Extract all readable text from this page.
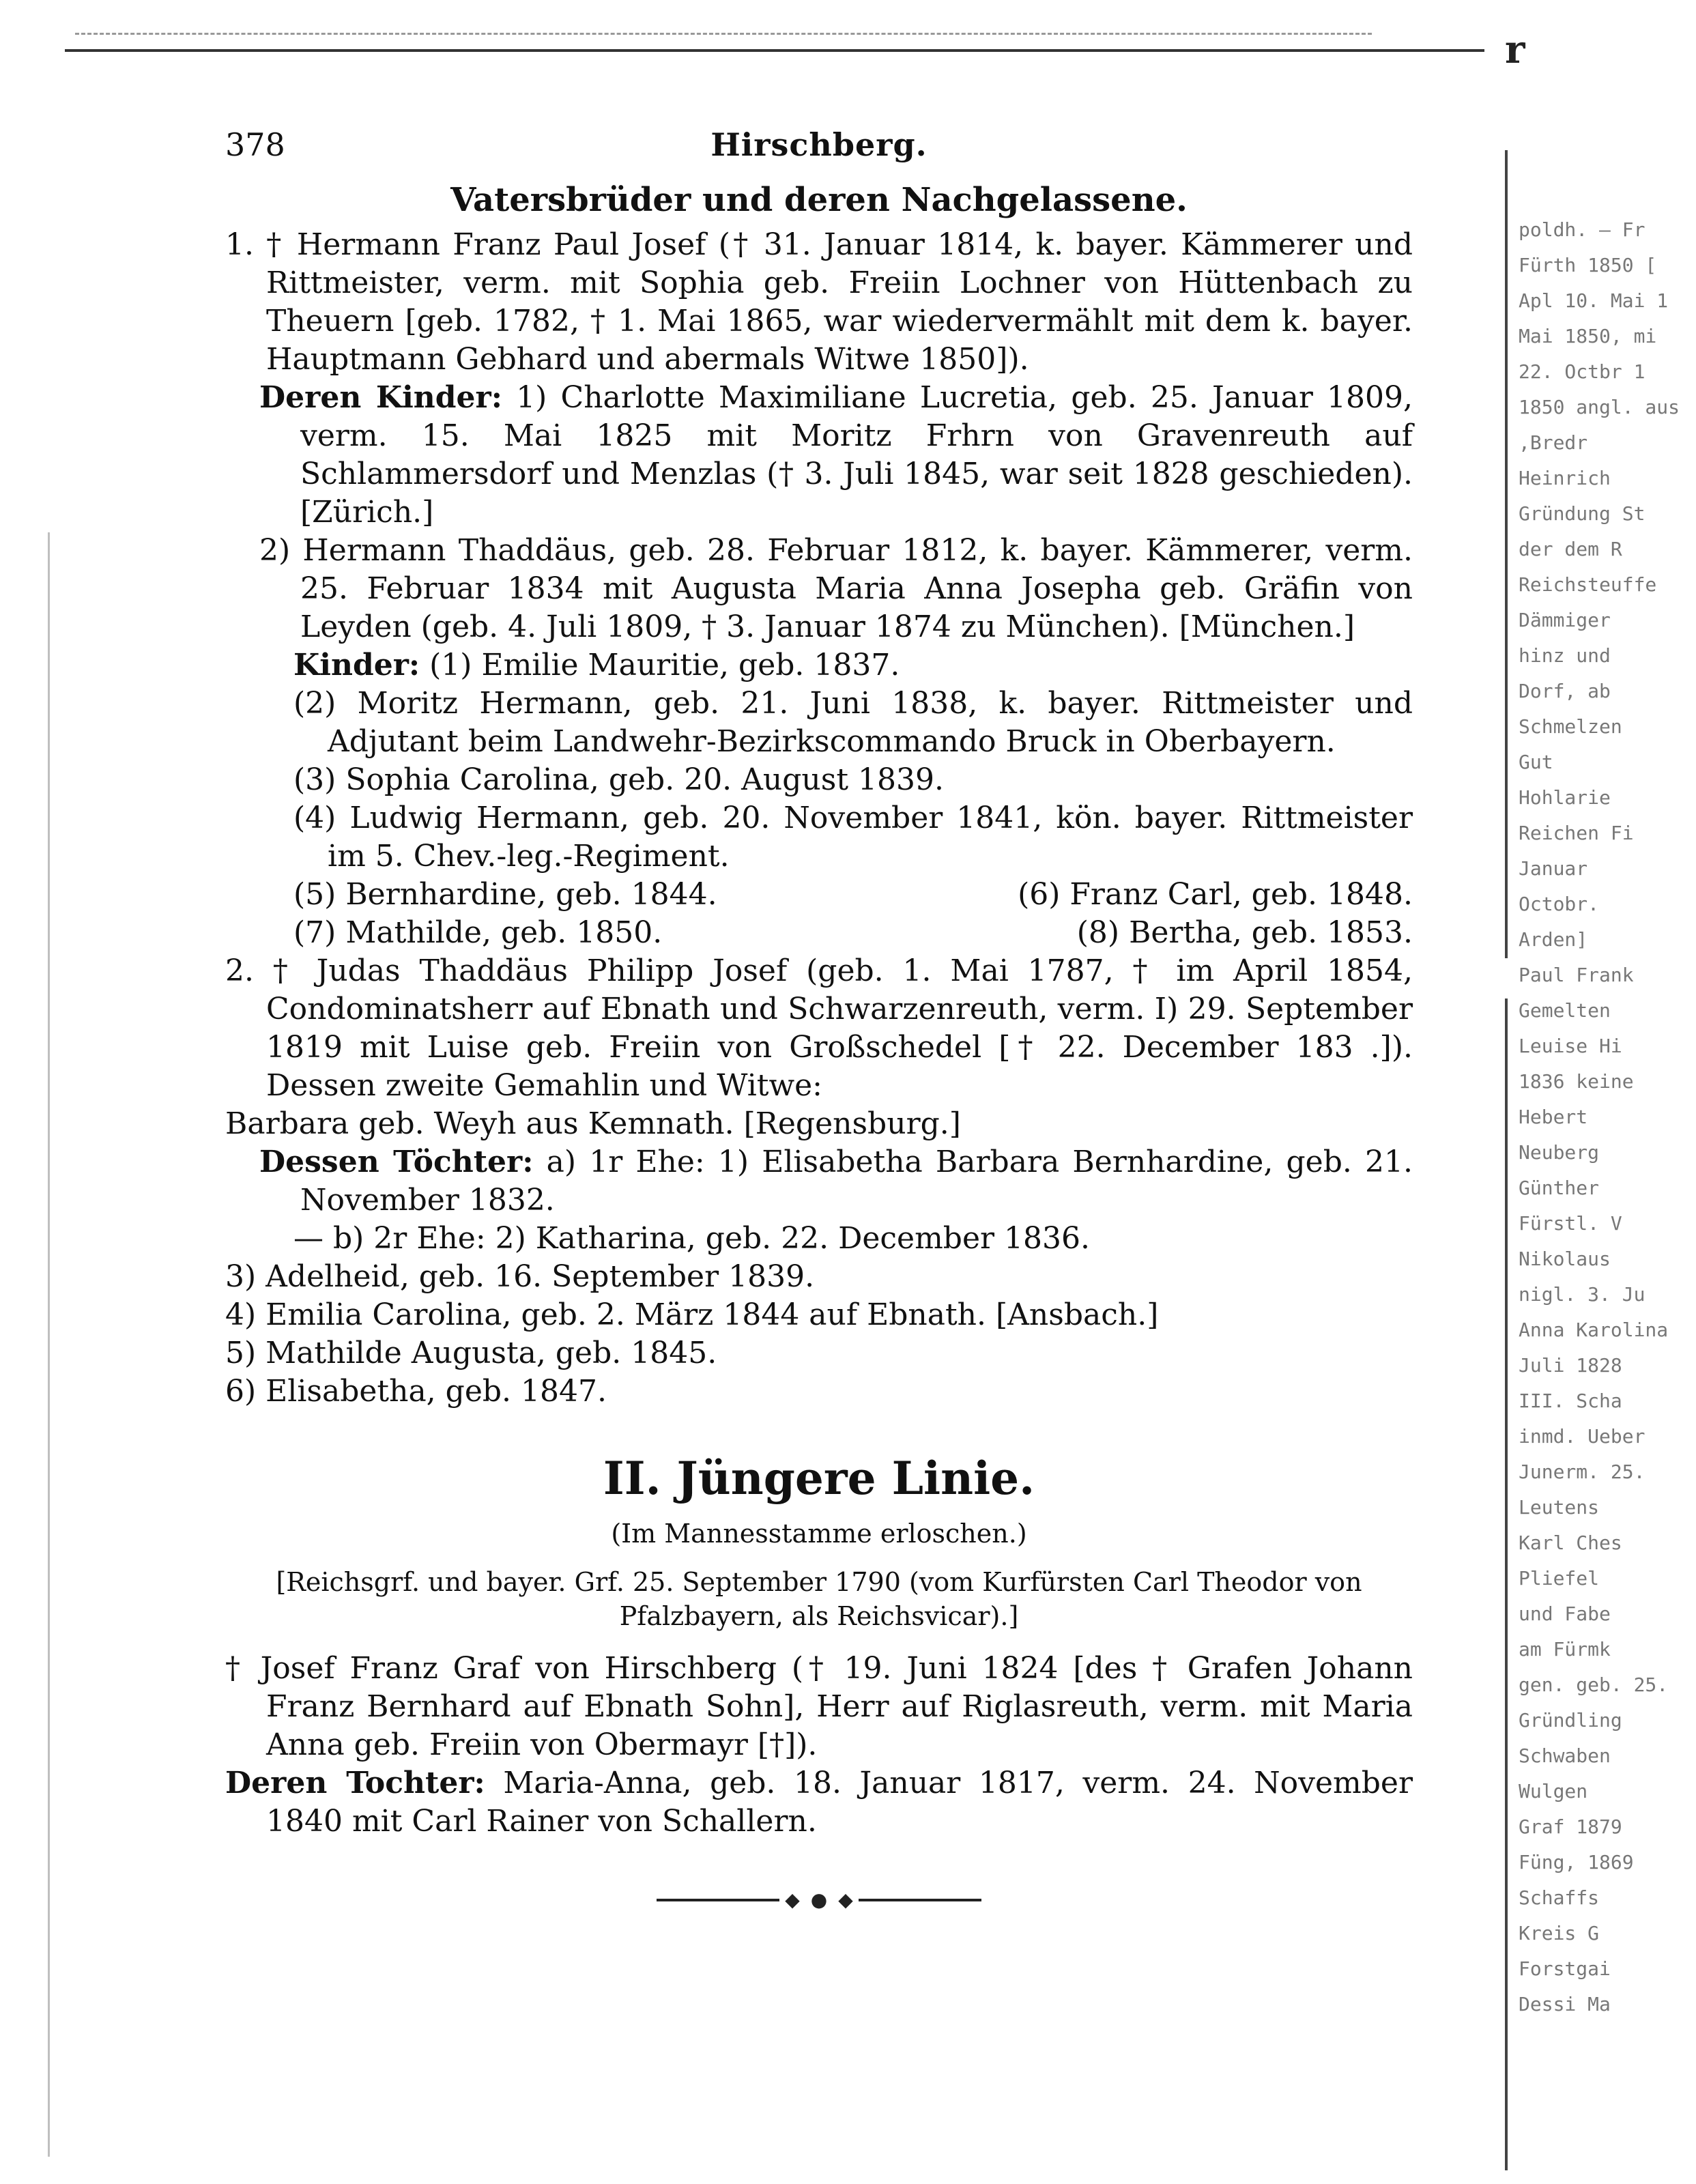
r
poldh. – Fr
Fürth 1850 [
Apl 10. Mai 1
Mai 1850, mi
22. Octbr 1
1850 angl. aus
,Bredr
Heinrich
Gründung St
der dem R
Reichsteuffe
Dämmiger
hinz und
Dorf, ab
Schmelzen
Gut
Hohlarie
Reichen Fi
Januar
Octobr.
Arden]
Paul Frank
Gemelten
Leuise Hi
1836 keine
Hebert
Neuberg
Günther
Fürstl. V
Nikolaus
nigl. 3. Ju
Anna Karolina
Juli 1828
III. Scha
inmd. Ueber
Junerm. 25.
Leutens
Karl Ches
Pliefel
und Fabe
am Fürmk
gen. geb. 25.
Gründling
Schwaben
Wulgen
Graf 1879
Füng, 1869
Schaffs
Kreis G
Forstgai
Dessi Ma
378	Hirschberg.
Vatersbrüder und deren Nachgelassene.
1. † Hermann Franz Paul Josef († 31. Januar 1814, k. bayer. Kämmerer und Rittmeister, verm. mit Sophia geb. Freiin Lochner von Hüttenbach zu Theuern [geb. 1782, † 1. Mai 1865, war wiedervermählt mit dem k. bayer. Hauptmann Gebhard und abermals Witwe 1850]).
Deren Kinder: 1) Charlotte Maximiliane Lucretia, geb. 25. Januar 1809, verm. 15. Mai 1825 mit Moritz Frhrn von Gravenreuth auf Schlammersdorf und Menzlas († 3. Juli 1845, war seit 1828 geschieden). [Zürich.]
2) Hermann Thaddäus, geb. 28. Februar 1812, k. bayer. Kämmerer, verm. 25. Februar 1834 mit Augusta Maria Anna Josepha geb. Gräfin von Leyden (geb. 4. Juli 1809, † 3. Januar 1874 zu München). [München.]
Kinder: (1) Emilie Mauritie, geb. 1837.
(2) Moritz Hermann, geb. 21. Juni 1838, k. bayer. Rittmeister und Adjutant beim Landwehr-Bezirkscommando Bruck in Oberbayern.
(3) Sophia Carolina, geb. 20. August 1839.
(4) Ludwig Hermann, geb. 20. November 1841, kön. bayer. Rittmeister im 5. Chev.-leg.-Regiment.
(5) Bernhardine, geb. 1844.	(6) Franz Carl, geb. 1848.
(7) Mathilde, geb. 1850.	(8) Bertha, geb. 1853.
2. † Judas Thaddäus Philipp Josef (geb. 1. Mai 1787, † im April 1854, Condominatsherr auf Ebnath und Schwarzenreuth, verm. I) 29. September 1819 mit Luise geb. Freiin von Großschedel [† 22. December 183 .]). Dessen zweite Gemahlin und Witwe:
Barbara geb. Weyh aus Kemnath. [Regensburg.]
Dessen Töchter: a) 1r Ehe: 1) Elisabetha Barbara Bernhardine, geb. 21. November 1832.
— b) 2r Ehe: 2) Katharina, geb. 22. December 1836.
3) Adelheid, geb. 16. September 1839.
4) Emilia Carolina, geb. 2. März 1844 auf Ebnath. [Ansbach.]
5) Mathilde Augusta, geb. 1845.
6) Elisabetha, geb. 1847.
II. Jüngere Linie.
(Im Mannesstamme erloschen.)
[Reichsgrf. und bayer. Grf. 25. September 1790 (vom Kurfürsten Carl Theodor von Pfalzbayern, als Reichsvicar).]
† Josef Franz Graf von Hirschberg († 19. Juni 1824 [des † Grafen Johann Franz Bernhard auf Ebnath Sohn], Herr auf Riglasreuth, verm. mit Maria Anna geb. Freiin von Obermayr [†]).
Deren Tochter: Maria-Anna, geb. 18. Januar 1817, verm. 24. November 1840 mit Carl Rainer von Schallern.
◆ ● ◆
